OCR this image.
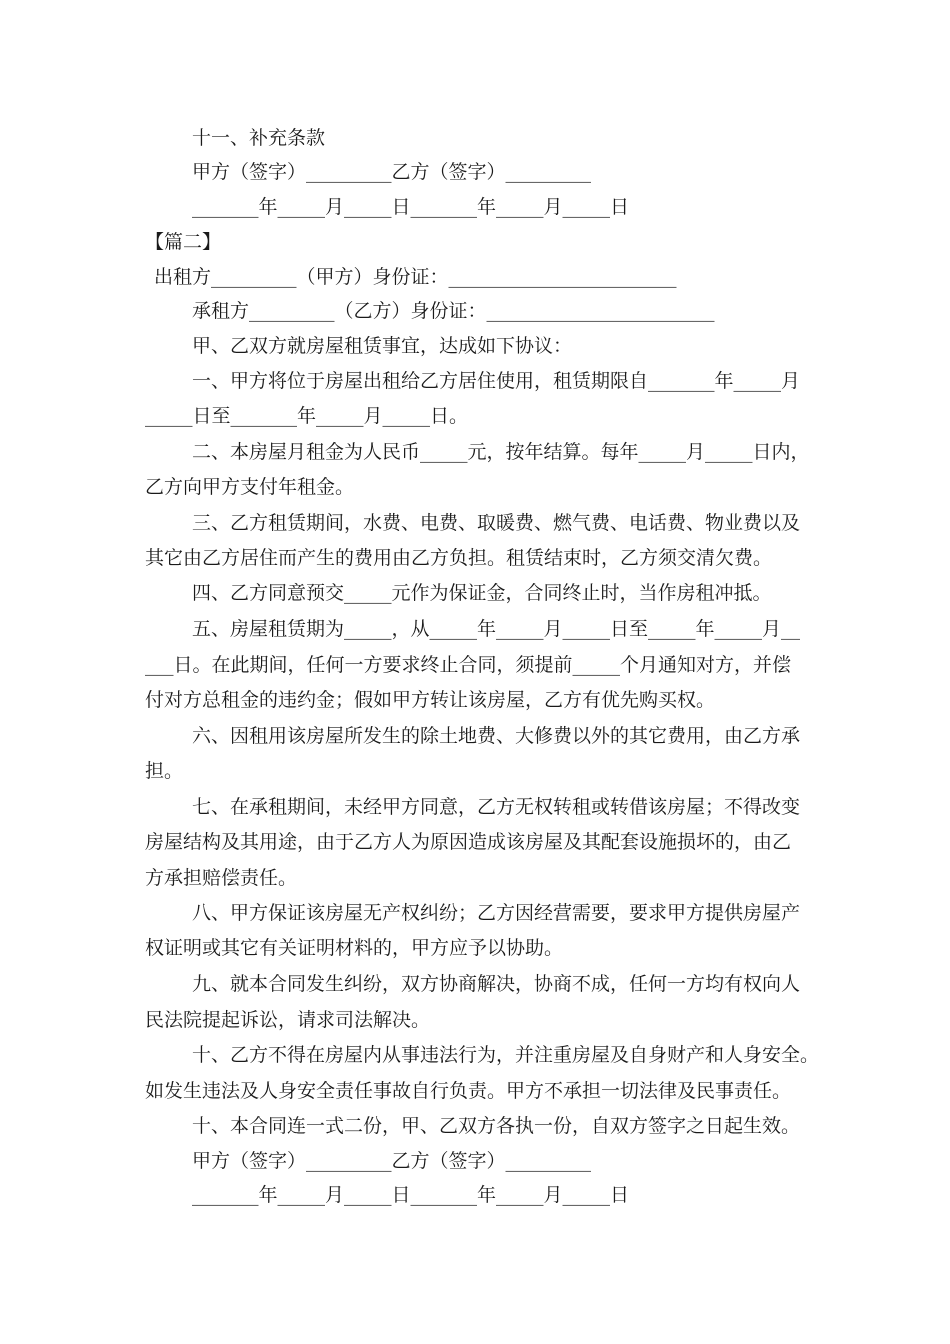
十一、补充条款
甲方（签字）_________乙方（签字）_________
_______年_____月_____日_______年_____月_____日
【篇二】
出租方_________（甲方）身份证：________________________
承租方_________（乙方）身份证：________________________
甲、乙双方就房屋租赁事宜，达成如下协议：
一、甲方将位于房屋出租给乙方居住使用，租赁期限自_______年_____月
_____日至_______年_____月_____日。
二、本房屋月租金为人民币_____元，按年结算。每年_____月_____日内，
乙方向甲方支付年租金。
三、乙方租赁期间，水费、电费、取暖费、燃气费、电话费、物业费以及
其它由乙方居住而产生的费用由乙方负担。租赁结束时，乙方须交清欠费。
四、乙方同意预交_____元作为保证金，合同终止时，当作房租冲抵。
五、房屋租赁期为_____，从_____年_____月_____日至_____年_____月__
___日。在此期间，任何一方要求终止合同，须提前_____个月通知对方，并偿
付对方总租金的违约金；假如甲方转让该房屋，乙方有优先购买权。
六、因租用该房屋所发生的除土地费、大修费以外的其它费用，由乙方承
担。
七、在承租期间，未经甲方同意，乙方无权转租或转借该房屋；不得改变
房屋结构及其用途，由于乙方人为原因造成该房屋及其配套设施损坏的，由乙
方承担赔偿责任。
八、甲方保证该房屋无产权纠纷；乙方因经营需要，要求甲方提供房屋产
权证明或其它有关证明材料的，甲方应予以协助。
九、就本合同发生纠纷，双方协商解决，协商不成，任何一方均有权向人
民法院提起诉讼，请求司法解决。
十、乙方不得在房屋内从事违法行为，并注重房屋及自身财产和人身安全。
如发生违法及人身安全责任事故自行负责。甲方不承担一切法律及民事责任。
十、本合同连一式二份，甲、乙双方各执一份，自双方签字之日起生效。
甲方（签字）_________乙方（签字）_________
_______年_____月_____日_______年_____月_____日
